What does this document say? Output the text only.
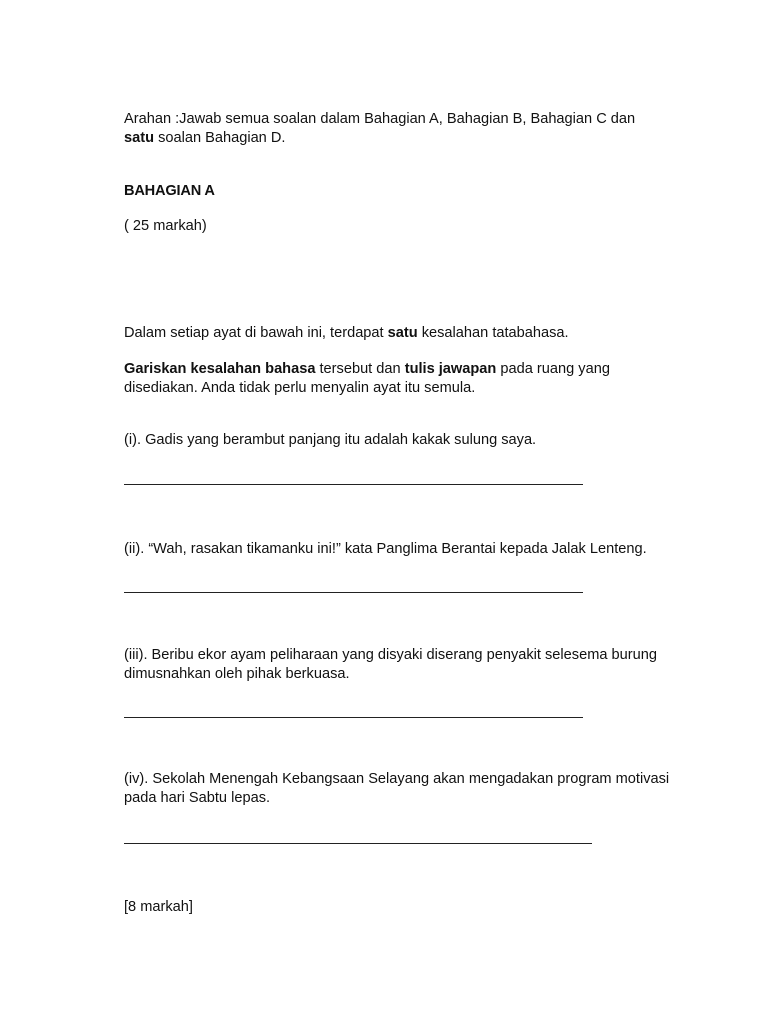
Arahan :Jawab semua soalan dalam Bahagian A, Bahagian B, Bahagian C dan
satu soalan Bahagian D.

BAHAGIAN A

( 25 markah)

Dalam setiap ayat di bawah ini, terdapat satu kesalahan tatabahasa.

Gariskan kesalahan bahasa tersebut dan tulis jawapan pada ruang yang disediakan. Anda tidak perlu menyalin ayat itu semula.

(i). Gadis yang berambut panjang itu adalah kakak sulung saya.

(ii). “Wah, rasakan tikamanku ini!” kata Panglima Berantai kepada Jalak Lenteng.

(iii). Beribu ekor ayam peliharaan yang disyaki diserang penyakit selesema burung dimusnahkan oleh pihak berkuasa.

(iv). Sekolah Menengah Kebangsaan Selayang akan mengadakan program motivasi pada hari Sabtu lepas.

[8 markah]
